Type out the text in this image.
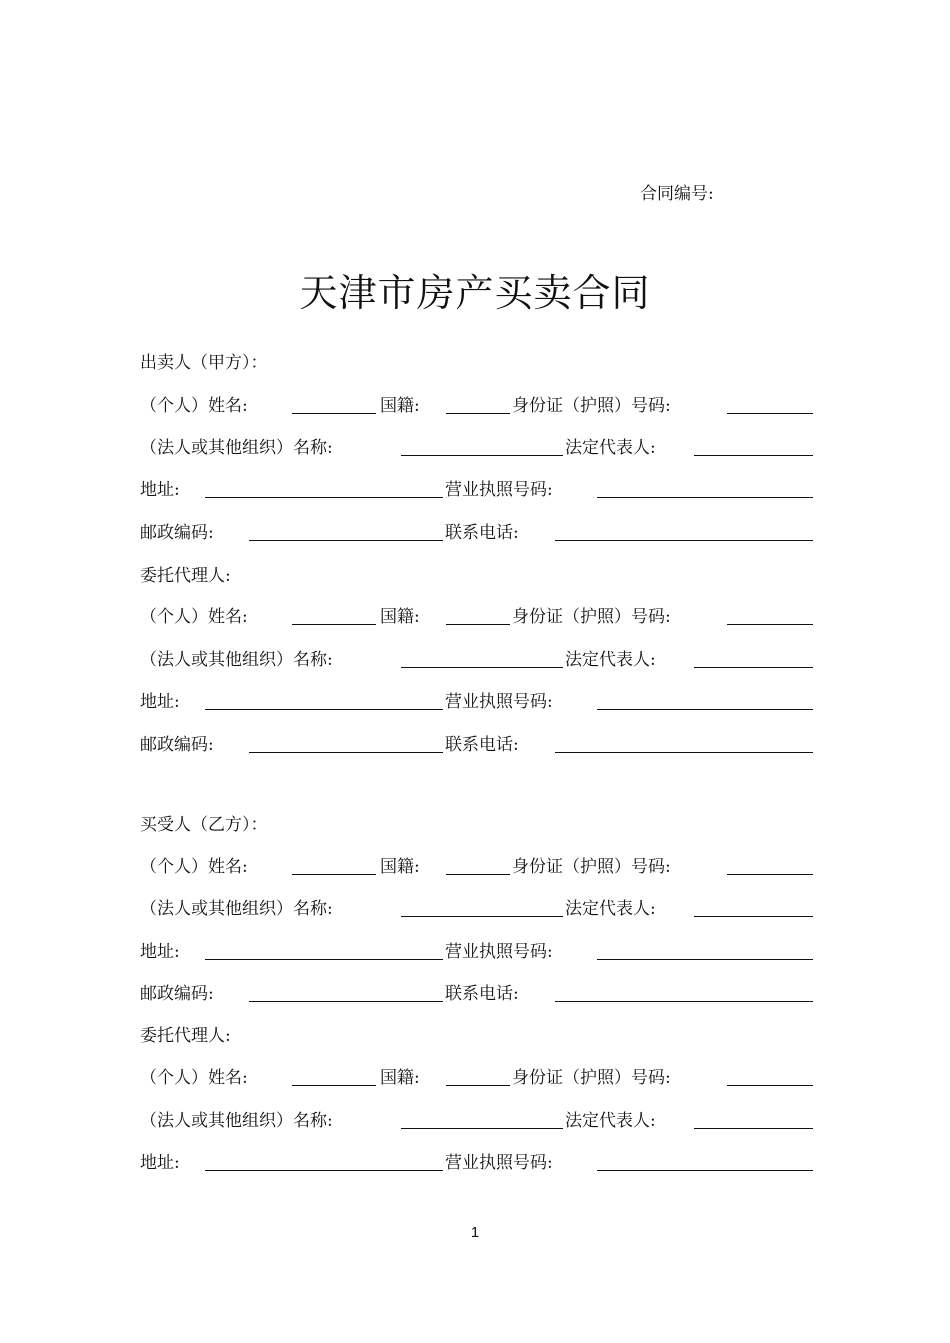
合同编号:
天津市房产买卖合同
出卖人（甲方）：
（个人）姓名:	国籍:	身份证（护照）号码:
（法人或其他组织）名称:	法定代表人:
地址:	营业执照号码:
邮政编码:	联系电话:
委托代理人:
（个人）姓名:	国籍:	身份证（护照）号码:
（法人或其他组织）名称:	法定代表人:
地址:	营业执照号码:
邮政编码:	联系电话:
买受人（乙方）：
（个人）姓名:	国籍:	身份证（护照）号码:
（法人或其他组织）名称:	法定代表人:
地址:	营业执照号码:
邮政编码:	联系电话:
委托代理人:
（个人）姓名:	国籍:	身份证（护照）号码:
（法人或其他组织）名称:	法定代表人:
地址:	营业执照号码:
1
